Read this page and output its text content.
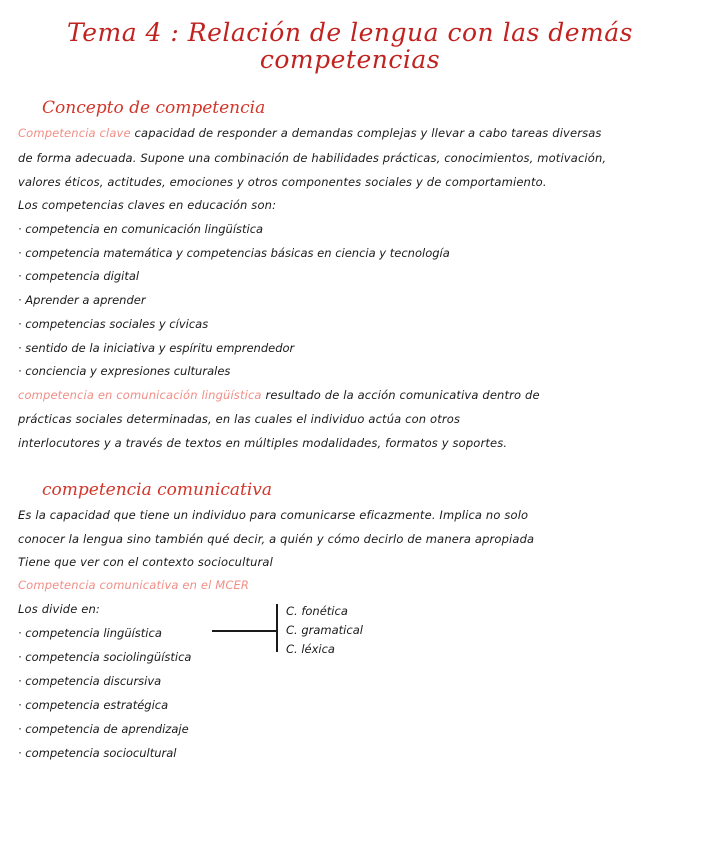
Tema 4 : Relación de lengua con las demás
competencias
Concepto de competencia
Competencia clave capacidad de responder a demandas complejas y llevar a cabo tareas diversas
de forma adecuada. Supone una combinación de habilidades prácticas, conocimientos, motivación,
valores éticos, actitudes, emociones y otros componentes sociales y de comportamiento.
Los competencias claves en educación son:
· competencia en comunicación lingüística
· competencia matemática y competencias básicas en ciencia y tecnología
· competencia digital
· Aprender a aprender
· competencias sociales y cívicas
· sentido de la iniciativa y espíritu emprendedor
· conciencia y expresiones culturales
competencia en comunicación lingüística resultado de la acción comunicativa dentro de
prácticas sociales determinadas, en las cuales el individuo actúa con otros
interlocutores y a través de textos en múltiples modalidades, formatos y soportes.
competencia comunicativa
Es la capacidad que tiene un individuo para comunicarse eficazmente. Implica no solo
conocer la lengua sino también qué decir, a quién y cómo decirlo de manera apropiada
Tiene que ver con el contexto sociocultural
Competencia comunicativa en el MCER
Los divide en:
· competencia lingüística
· competencia sociolingüística
· competencia discursiva
· competencia estratégica
· competencia de aprendizaje
· competencia sociocultural
C. fonética
C. gramatical
C. léxica
